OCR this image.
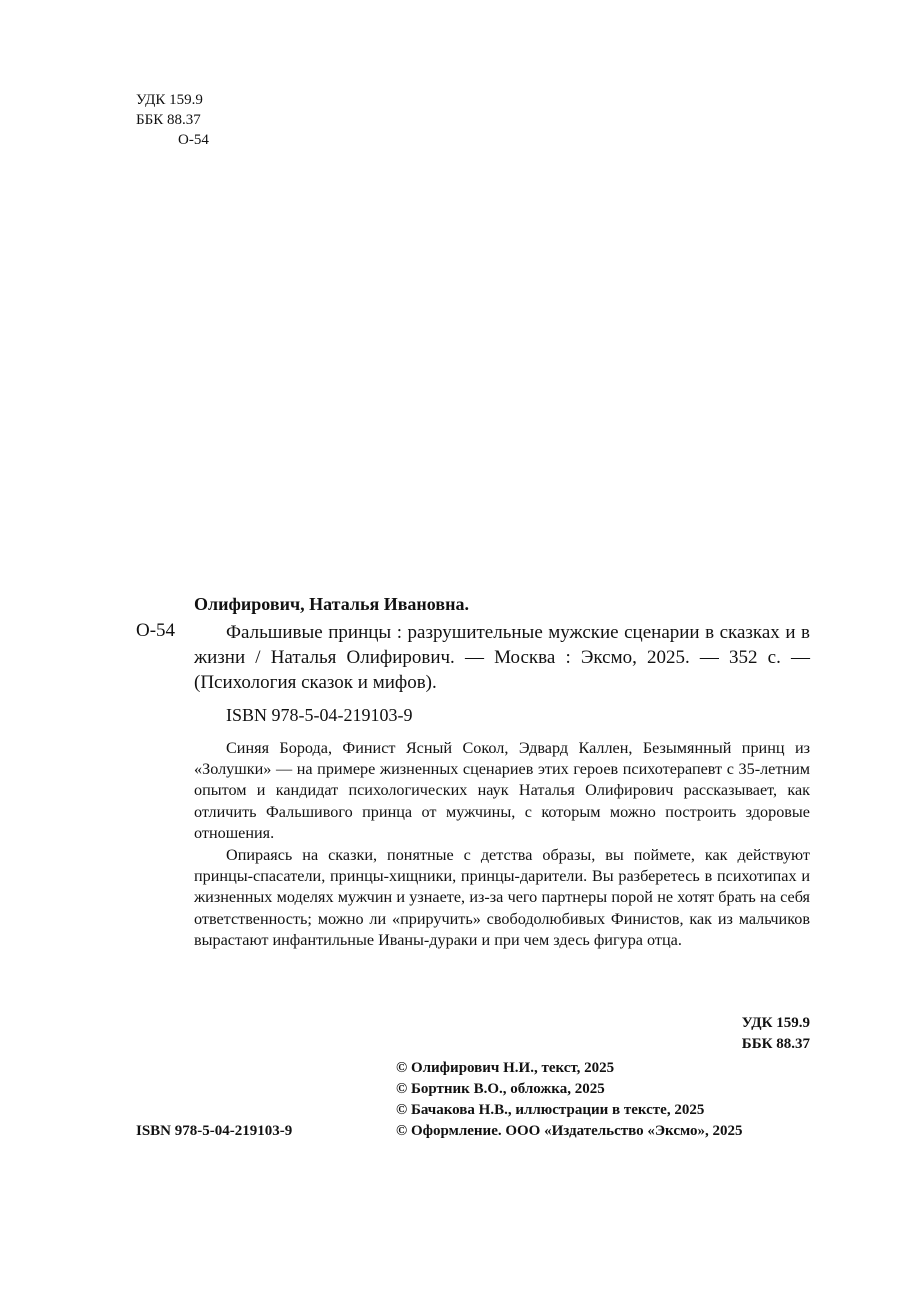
УДК 159.9
ББК 88.37
О-54
Олифирович, Наталья Ивановна.
О-54	Фальшивые принцы : разрушительные мужские сценарии в сказках и в жизни / Наталья Олифирович. — Москва : Эксмо, 2025. — 352 с. — (Психология сказок и мифов).
ISBN 978-5-04-219103-9

Синяя Борода, Финист Ясный Сокол, Эдвард Каллен, Безымянный принц из «Золушки» — на примере жизненных сценариев этих героев психотерапевт с 35-летним опытом и кандидат психологических наук Наталья Олифирович рассказывает, как отличить Фальшивого принца от мужчины, с которым можно построить здоровые отношения.

Опираясь на сказки, понятные с детства образы, вы поймете, как действуют принцы-спасатели, принцы-хищники, принцы-дарители. Вы разберетесь в психотипах и жизненных моделях мужчин и узнаете, из-за чего партнеры порой не хотят брать на себя ответственность; можно ли «приручить» свободолюбивых Финистов, как из мальчиков вырастают инфантильные Иваны-дураки и при чем здесь фигура отца.

УДК 159.9
ББК 88.37
© Олифирович Н.И., текст, 2025
© Бортник В.О., обложка, 2025
© Бачакова Н.В., иллюстрации в тексте, 2025
© Оформление. ООО «Издательство «Эксмо», 2025
ISBN 978-5-04-219103-9
